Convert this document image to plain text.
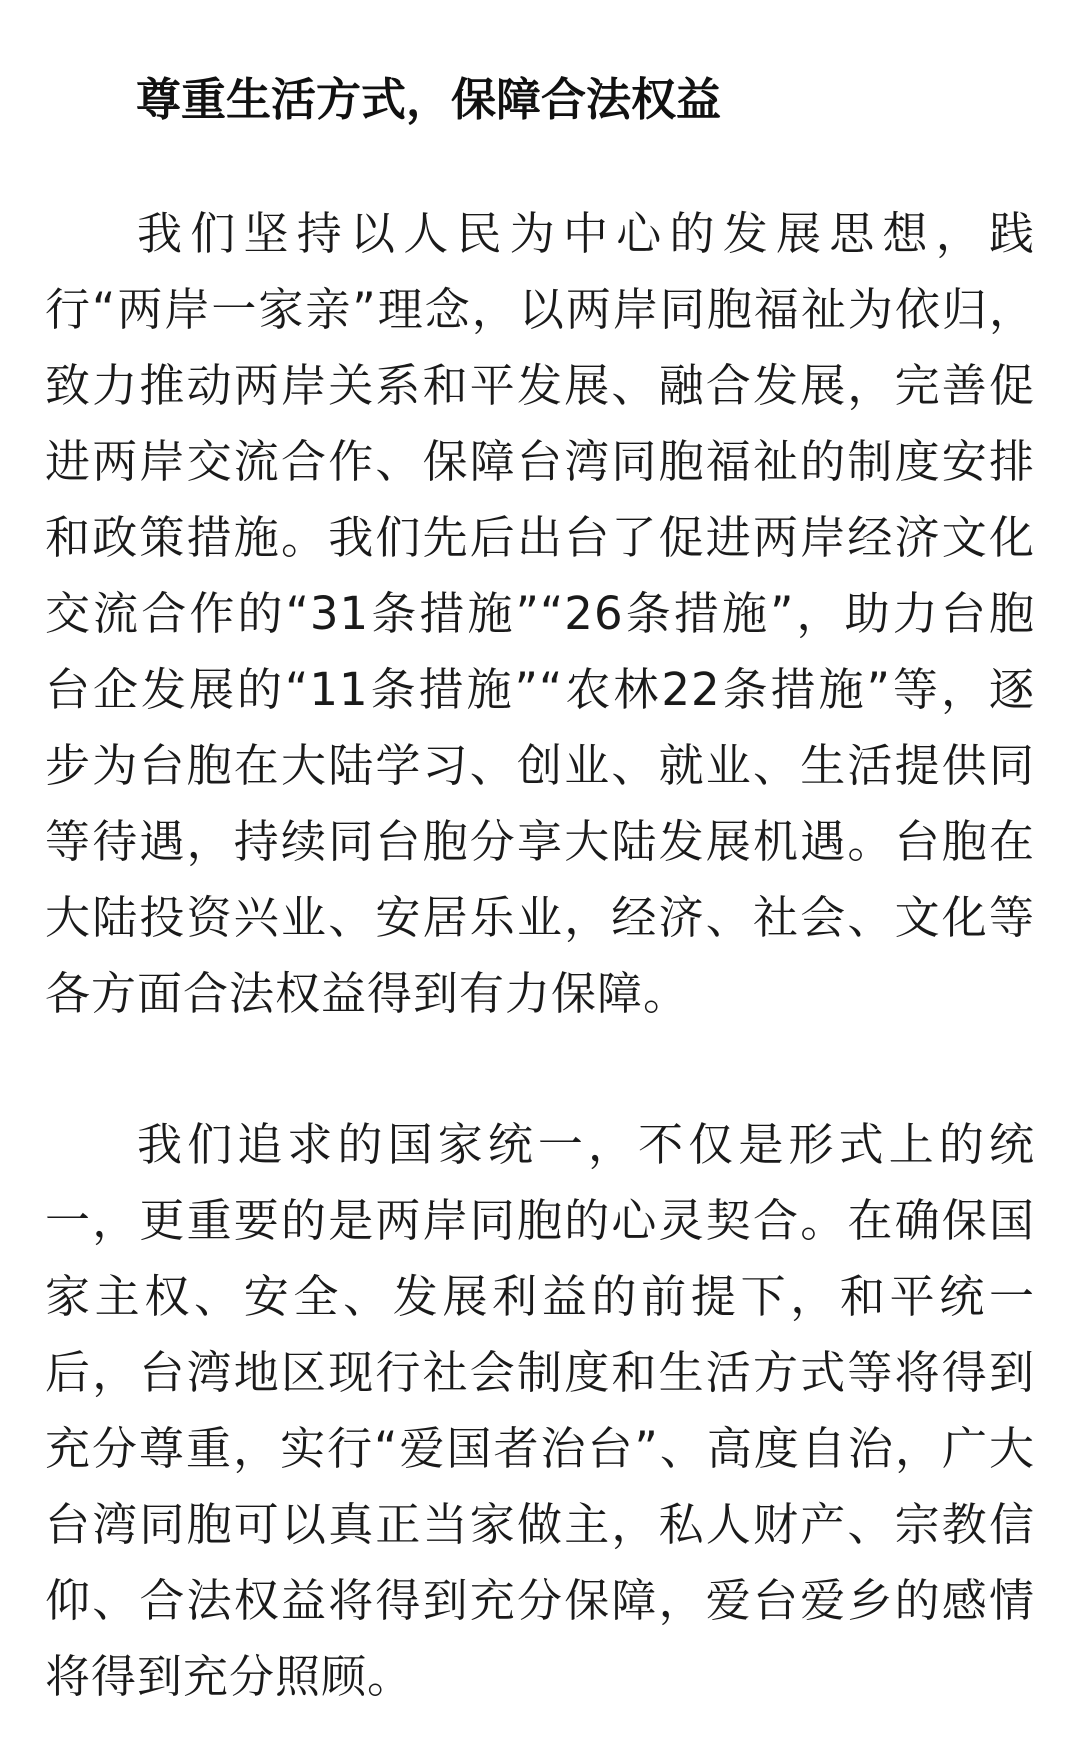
尊重生活方式，保障合法权益

我们坚持以人民为中心的发展思想，践行“两岸一家亲”理念，以两岸同胞福祉为依归，致力推动两岸关系和平发展、融合发展，完善促进两岸交流合作、保障台湾同胞福祉的制度安排和政策措施。我们先后出台了促进两岸经济文化交流合作的“31条措施”“26条措施”，助力台胞台企发展的“11条措施”“农林22条措施”等，逐步为台胞在大陆学习、创业、就业、生活提供同等待遇，持续同台胞分享大陆发展机遇。台胞在大陆投资兴业、安居乐业，经济、社会、文化等各方面合法权益得到有力保障。

我们追求的国家统一，不仅是形式上的统一，更重要的是两岸同胞的心灵契合。在确保国家主权、安全、发展利益的前提下，和平统一后，台湾地区现行社会制度和生活方式等将得到充分尊重，实行“爱国者治台”、高度自治，广大台湾同胞可以真正当家做主，私人财产、宗教信仰、合法权益将得到充分保障，爱台爱乡的感情将得到充分照顾。
